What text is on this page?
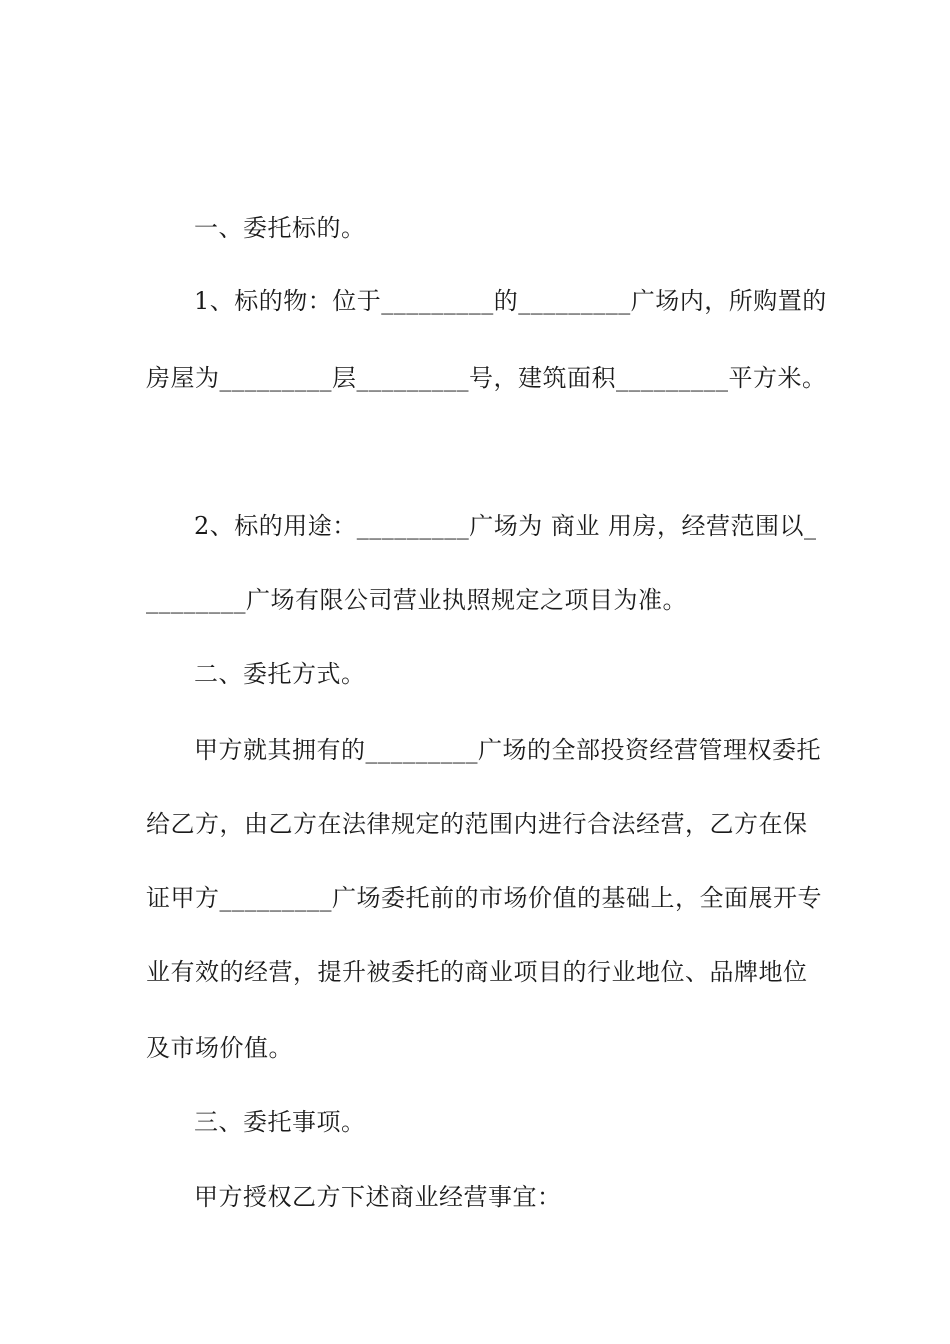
一、委托标的。
1、标的物：位于_________的_________广场内，所购置的
房屋为_________层_________号，建筑面积_________平方米。
2、标的用途：_________广场为 商业 用房，经营范围以_
________广场有限公司营业执照规定之项目为准。
二、委托方式。
甲方就其拥有的_________广场的全部投资经营管理权委托
给乙方，由乙方在法律规定的范围内进行合法经营，乙方在保
证甲方_________广场委托前的市场价值的基础上，全面展开专
业有效的经营，提升被委托的商业项目的行业地位、品牌地位
及市场价值。
三、委托事项。
甲方授权乙方下述商业经营事宜：
